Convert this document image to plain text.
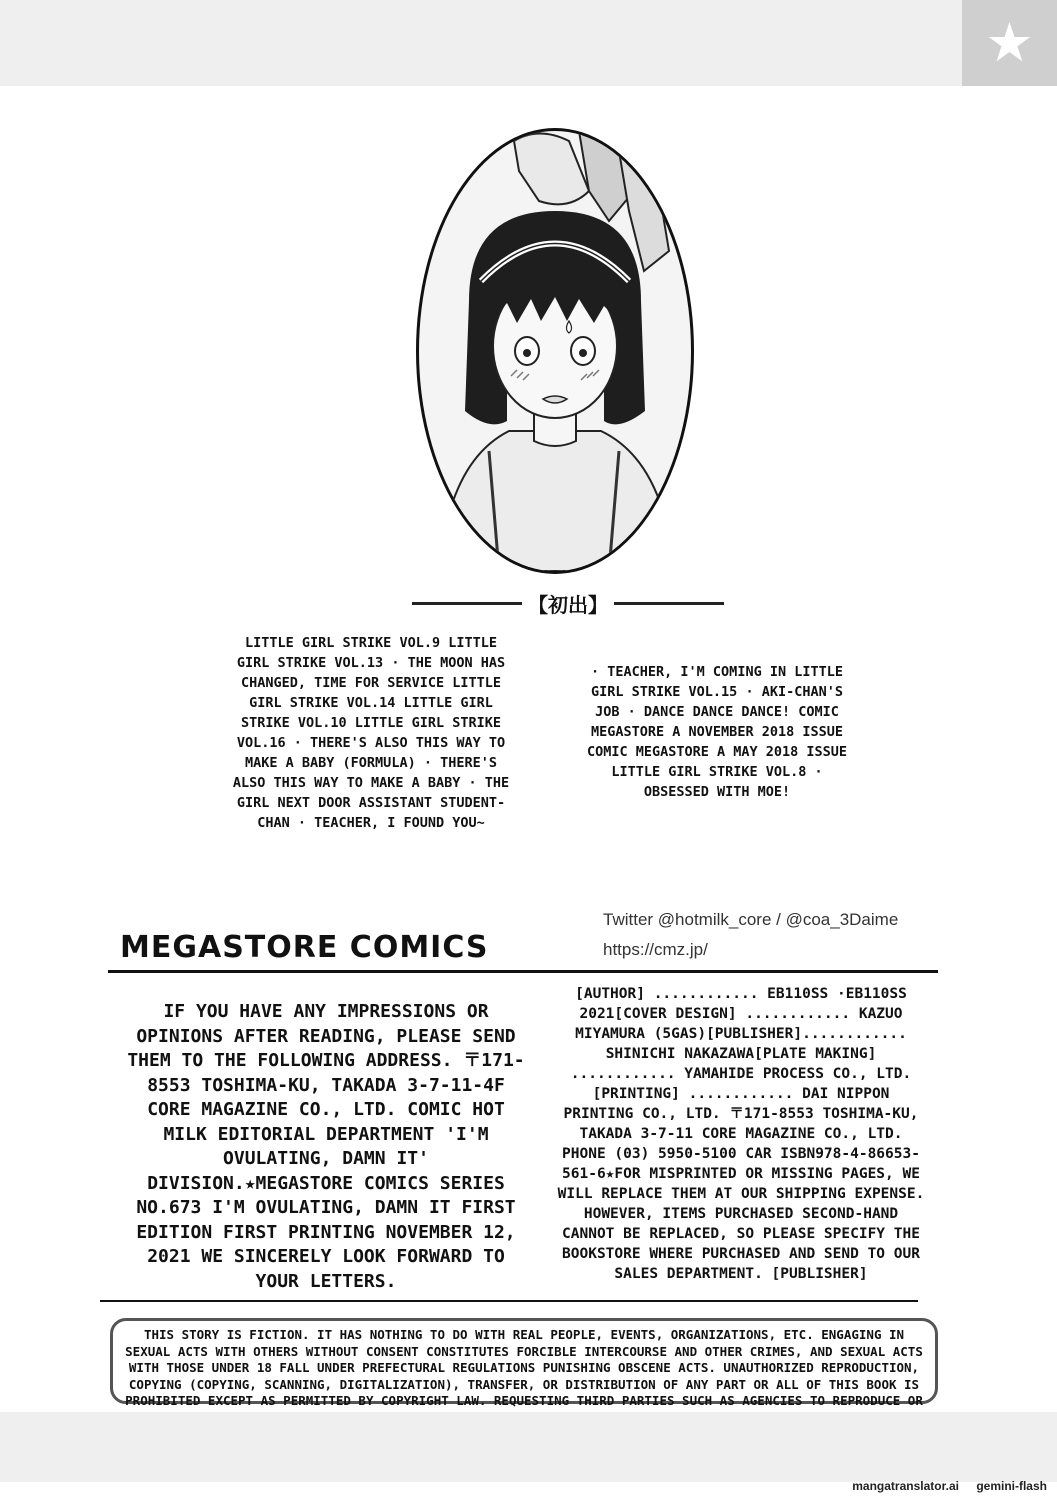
★
【初出】
LITTLE GIRL STRIKE VOL.9 LITTLE GIRL STRIKE VOL.13 · THE MOON HAS CHANGED, TIME FOR SERVICE LITTLE GIRL STRIKE VOL.14 LITTLE GIRL STRIKE VOL.10 LITTLE GIRL STRIKE VOL.16 · THERE'S ALSO THIS WAY TO MAKE A BABY (FORMULA) · THERE'S ALSO THIS WAY TO MAKE A BABY · THE GIRL NEXT DOOR ASSISTANT STUDENT-CHAN · TEACHER, I FOUND YOU~
· TEACHER, I'M COMING IN LITTLE GIRL STRIKE VOL.15 · AKI-CHAN'S JOB · DANCE DANCE DANCE! COMIC MEGASTORE Α NOVEMBER 2018 ISSUE COMIC MEGASTORE Α MAY 2018 ISSUE LITTLE GIRL STRIKE VOL.8 · OBSESSED WITH MOE!
Twitter @hotmilk_core / @coa_3Daime
https://cmz.jp/
MEGASTORE COMICS
IF YOU HAVE ANY IMPRESSIONS OR OPINIONS AFTER READING, PLEASE SEND THEM TO THE FOLLOWING ADDRESS. 〒171-8553 TOSHIMA-KU, TAKADA 3-7-11-4F CORE MAGAZINE CO., LTD. COMIC HOT MILK EDITORIAL DEPARTMENT 'I'M OVULATING, DAMN IT' DIVISION.★MEGASTORE COMICS SERIES NO.673 I'M OVULATING, DAMN IT FIRST EDITION FIRST PRINTING NOVEMBER 12, 2021 WE SINCERELY LOOK FORWARD TO YOUR LETTERS.
[AUTHOR] ............ EB110SS ·EB110SS 2021[COVER DESIGN] ............ KAZUO MIYAMURA (5GAS)[PUBLISHER]............ SHINICHI NAKAZAWA[PLATE MAKING] ............ YAMAHIDE PROCESS CO., LTD. [PRINTING] ............ DAI NIPPON PRINTING CO., LTD. 〒171-8553 TOSHIMA-KU, TAKADA 3-7-11 CORE MAGAZINE CO., LTD. PHONE (03) 5950-5100 CAR ISBN978-4-86653-561-6★FOR MISPRINTED OR MISSING PAGES, WE WILL REPLACE THEM AT OUR SHIPPING EXPENSE. HOWEVER, ITEMS PURCHASED SECOND-HAND CANNOT BE REPLACED, SO PLEASE SPECIFY THE BOOKSTORE WHERE PURCHASED AND SEND TO OUR SALES DEPARTMENT. [PUBLISHER]
THIS STORY IS FICTION. IT HAS NOTHING TO DO WITH REAL PEOPLE, EVENTS, ORGANIZATIONS, ETC. ENGAGING IN SEXUAL ACTS WITH OTHERS WITHOUT CONSENT CONSTITUTES FORCIBLE INTERCOURSE AND OTHER CRIMES, AND SEXUAL ACTS WITH THOSE UNDER 18 FALL UNDER PREFECTURAL REGULATIONS PUNISHING OBSCENE ACTS. UNAUTHORIZED REPRODUCTION, COPYING (COPYING, SCANNING, DIGITALIZATION), TRANSFER, OR DISTRIBUTION OF ANY PART OR ALL OF THIS BOOK IS PROHIBITED EXCEPT AS PERMITTED BY COPYRIGHT LAW. REQUESTING THIRD PARTIES SUCH AS AGENCIES TO REPRODUCE OR
mangatranslator.ai gemini-flash
